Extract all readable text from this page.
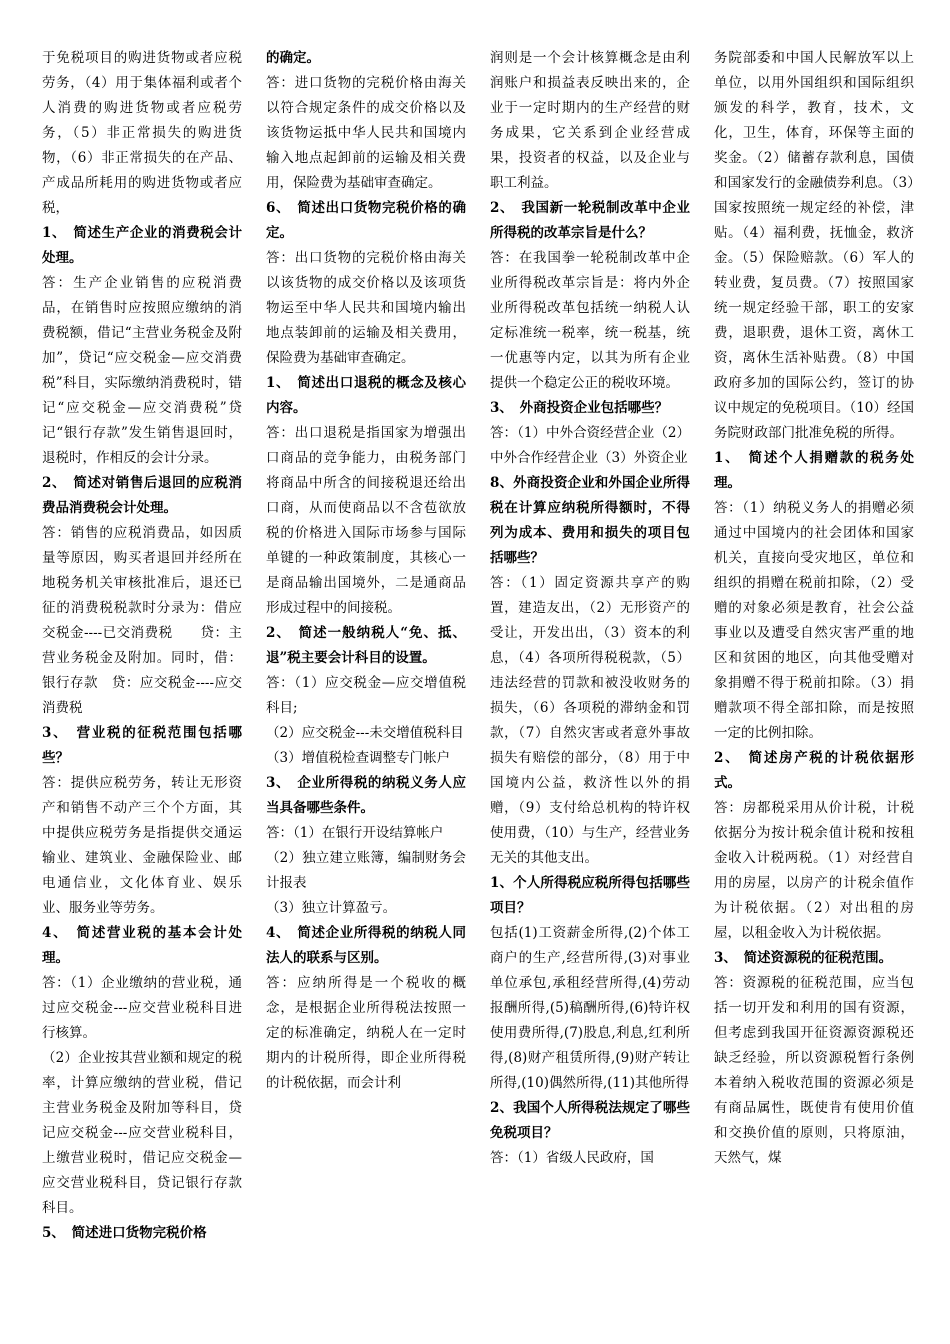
于免税项目的购进货物或者应税劳务，（4）用于集体福利或者个人消费的购进货物或者应税劳务，（5）非正常损失的购进货物，（6）非正常损失的在产品、产成品所耗用的购进货物或者应税，

1、　简述生产企业的消费税会计处理。

答：生产企业销售的应税消费品，在销售时应按照应缴纳的消费税额，借记“主营业务税金及附加”，贷记“应交税金—应交消费税”科目，实际缴纳消费税时，错记“应交税金—应交消费税”贷记“银行存款”发生销售退回时，退税时，作相反的会计分录。

2、　简述对销售后退回的应税消费品消费税会计处理。

答：销售的应税消费品，如因质量等原因，购买者退回并经所在地税务机关审核批准后，退还已征的消费税税款时分录为：借应交税金----已交消费税　　贷：主营业务税金及附加。同时，借：银行存款　贷：应交税金----应交消费税

3、　营业税的征税范围包括哪些？

答：提供应税劳务，转让无形资产和销售不动产三个个方面，其中提供应税劳务是指提供交通运输业、建筑业、金融保险业、邮电通信业，文化体育业、娱乐业、服务业等劳务。

4、　简述营业税的基本会计处理。

答：（1）企业缴纳的营业税，通过应交税金---应交营业税科目进行核算。

（2）企业按其营业额和规定的税率，计算应缴纳的营业税，借记主营业务税金及附加等科目，贷记应交税金---应交营业税科目，上缴营业税时，借记应交税金—应交营业税科目，贷记银行存款科目。

5、　简述进口货物完税价格

的确定。

答：进口货物的完税价格由海关以符合规定条件的成交价格以及该货物运抵中华人民共和国境内输入地点起卸前的运输及相关费用，保险费为基础审查确定。

6、　简述出口货物完税价格的确定。

答：出口货物的完税价格由海关以该货物的成交价格以及该项货物运至中华人民共和国境内输出地点装卸前的运输及相关费用，保险费为基础审查确定。

1、　简述出口退税的概念及核心内容。

答：出口退税是指国家为增强出口商品的竞争能力，由税务部门将商品中所含的间接税退还给出口商，从而使商品以不含苞欲放税的价格进入国际市场参与国际单键的一种政策制度，其核心一是商品输出国境外，二是通商品形成过程中的间接税。

2、　简述一般纳税人“免、抵、退”税主要会计科目的设置。

答：（1）应交税金—应交增值税科目;

（2）应交税金---未交增值税科目

（3）增值税检查调整专门帐户

3、　企业所得税的纳税义务人应当具备哪些条件。

答：（1）在银行开设结算帐户

（2）独立建立账簿，编制财务会计报表

（3）独立计算盈亏。

4、　简述企业所得税的纳税人同法人的联系与区别。

答：应纳所得是一个税收的概念，是根据企业所得税法按照一定的标准确定，纳税人在一定时期内的计税所得，即企业所得税的计税依据，而会计利

润则是一个会计核算概念是由利润账户和损益表反映出来的，企业于一定时期内的生产经营的财务成果，它关系到企业经营成果，投资者的权益，以及企业与职工利益。

2、　我国新一轮税制改革中企业所得税的改革宗旨是什么？

答：在我国拳一轮税制改革中企业所得税改革宗旨是：将内外企业所得税改革包括统一纳税人认定标准统一税率，统一税基，统一优惠等内定，以其为所有企业提供一个稳定公正的税收环境。

3、　外商投资企业包括哪些？

答：（1）中外合资经营企业（2）中外合作经营企业（3）外资企业

8、外商投资企业和外国企业所得税在计算应纳税所得额时，不得列为成本、费用和损失的项目包括哪些？

答：（1）固定资源共享产的购置，建造友出，（2）无形资产的受让，开发出出，（3）资本的利息，（4）各项所得税税款，（5）违法经营的罚款和被没收财务的损失，（6）各项税的滞纳金和罚款，（7）自然灾害或者意外事故损失有赔偿的部分，（8）用于中国境内公益，救济性以外的捐赠，（9）支付给总机构的特许权使用费，（10）与生产，经营业务无关的其他支出。

1、个人所得税应税所得包括哪些项目？

包括(1)工资薪金所得,(2)个体工商户的生产,经营所得,(3)对事业单位承包,承租经营所得,(4)劳动报酬所得,(5)稿酬所得,(6)特许权使用费所得,(7)股息,利息,红利所得,(8)财产租赁所得,(9)财产转让所得,(10)偶然所得,(11)其他所得

2、我国个人所得税法规定了哪些免税项目？

答：（1）省级人民政府，国

务院部委和中国人民解放军以上单位，以用外国组织和国际组织颁发的科学，教育，技术，文化，卫生，体育，环保等主面的奖金。（2）储蓄存款利息，国债和国家发行的金融债券利息。（3）国家按照统一规定经的补偿，津贴。（4）福利费，抚恤金，救济金。（5）保险赔款。（6）军人的转业费，复员费。（7）按照国家统一规定经验干部，职工的安家费，退职费，退休工资，离休工资，离休生活补贴费。（8）中国政府多加的国际公约，签订的协议中规定的免税项目。（10）经国务院财政部门批准免税的所得。

1、　简述个人捐赠款的税务处理。

答：（1）纳税义务人的捐赠必须通过中国境内的社会团体和国家机关，直接向受灾地区，单位和组织的捐赠在税前扣除，（2）受赠的对象必须是教育，社会公益事业以及遭受自然灾害严重的地区和贫困的地区，向其他受赠对象捐赠不得于税前扣除。（3）捐赠款项不得全部扣除，而是按照一定的比例扣除。

2、　简述房产税的计税依据形式。

答：房都税采用从价计税，计税依据分为按计税余值计税和按租金收入计税两税。（1）对经营自用的房屋，以房产的计税余值作为计税依据。（2）对出租的房屋，以租金收入为计税依据。

3、　简述资源税的征税范围。

答：资源税的征税范围，应当包括一切开发和利用的国有资源，但考虑到我国开征资源资源税还缺乏经验，所以资源税暂行条例本着纳入税收范围的资源必须是有商品属性，既使肯有使用价值和交换价值的原则，只将原油，天然气，煤
